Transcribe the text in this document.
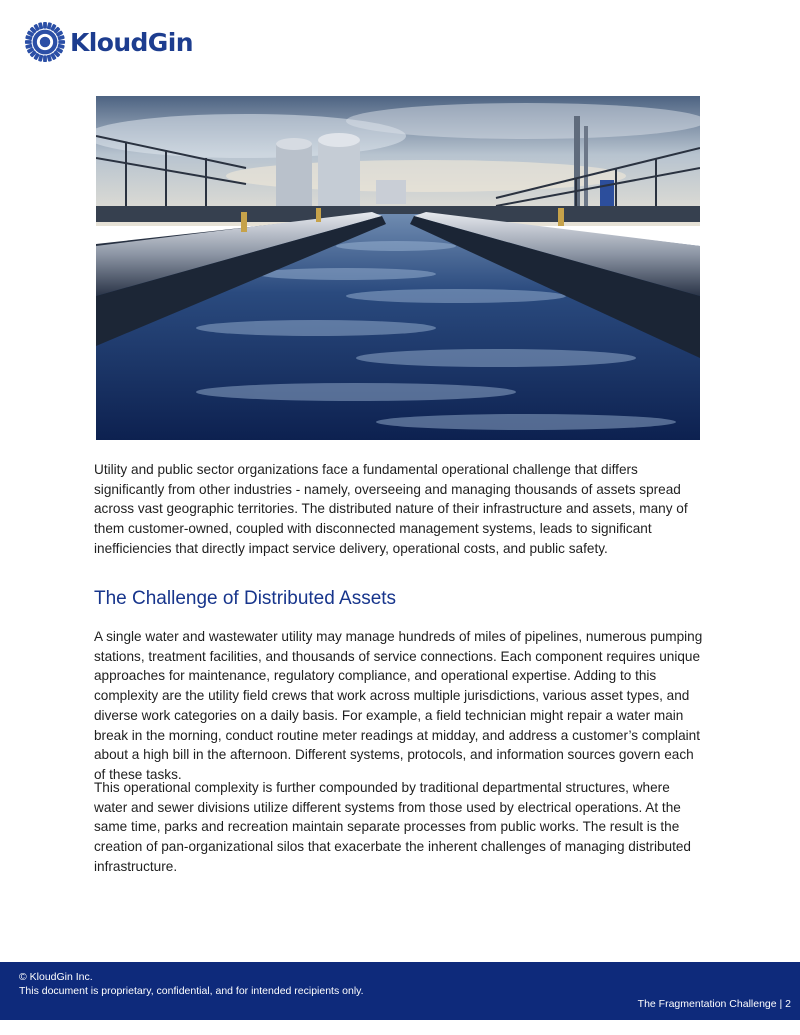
KloudGin

Utility and public sector organizations face a fundamental operational challenge that differs significantly from other industries - namely, overseeing and managing thousands of assets spread across vast geographic territories. The distributed nature of their infrastructure and assets, many of them customer-owned, coupled with disconnected management systems, leads to significant inefficiencies that directly impact service delivery, operational costs, and public safety.

The Challenge of Distributed Assets

A single water and wastewater utility may manage hundreds of miles of pipelines, numerous pumping stations, treatment facilities, and thousands of service connections. Each component requires unique approaches for maintenance, regulatory compliance, and operational expertise. Adding to this complexity are the utility field crews that work across multiple jurisdictions, various asset types, and diverse work categories on a daily basis. For example, a field technician might repair a water main break in the morning, conduct routine meter readings at midday, and address a customer’s complaint about a high bill in the afternoon. Different systems, protocols, and information sources govern each of these tasks.

This operational complexity is further compounded by traditional departmental structures, where water and sewer divisions utilize different systems from those used by electrical operations. At the same time, parks and recreation maintain separate processes from public works. The result is the creation of pan-organizational silos that exacerbate the inherent challenges of managing distributed infrastructure.

© KloudGin Inc.
This document is proprietary, confidential, and for intended recipients only.
The Fragmentation Challenge | 2
